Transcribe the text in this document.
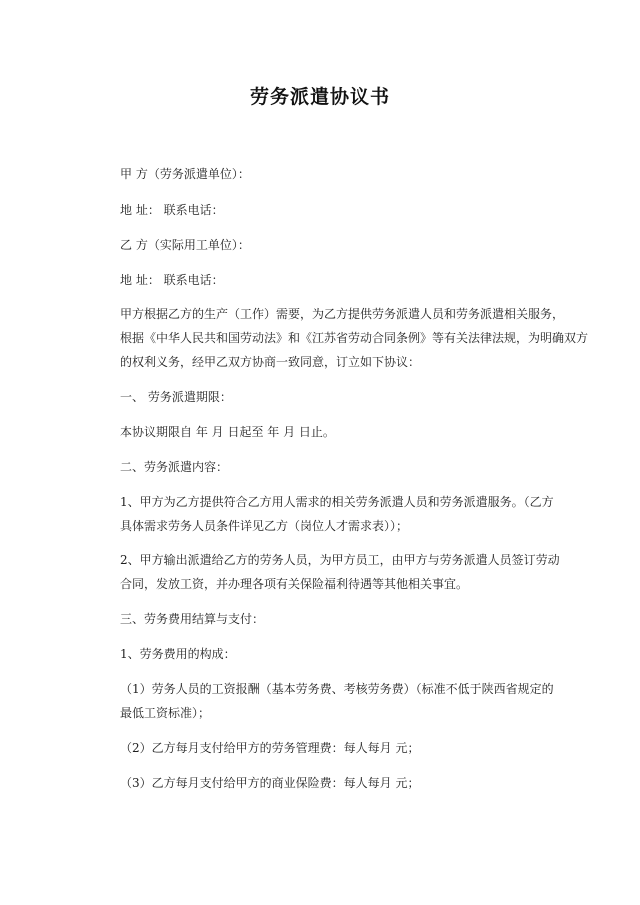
劳务派遣协议书
甲 方（劳务派遣单位）：
地 址： 联系电话：
乙 方（实际用工单位）：
地 址： 联系电话：
甲方根据乙方的生产（工作）需要，为乙方提供劳务派遣人员和劳务派遣相关服务，
根据《中华人民共和国劳动法》和《江苏省劳动合同条例》等有关法律法规，为明确双方
的权利义务，经甲乙双方协商一致同意，订立如下协议：
一、 劳务派遣期限：
本协议期限自 年 月 日起至 年 月 日止。
二、劳务派遣内容：
1、甲方为乙方提供符合乙方用人需求的相关劳务派遣人员和劳务派遣服务。（乙方
具体需求劳务人员条件详见乙方（岗位人才需求表））；
2、甲方输出派遣给乙方的劳务人员，为甲方员工，由甲方与劳务派遣人员签订劳动
合同，发放工资，并办理各项有关保险福利待遇等其他相关事宜。
三、劳务费用结算与支付：
1、劳务费用的构成：
（1）劳务人员的工资报酬（基本劳务费、考核劳务费）（标准不低于陕西省规定的
最低工资标准）；
（2）乙方每月支付给甲方的劳务管理费：每人每月 元；
（3）乙方每月支付给甲方的商业保险费：每人每月 元；
